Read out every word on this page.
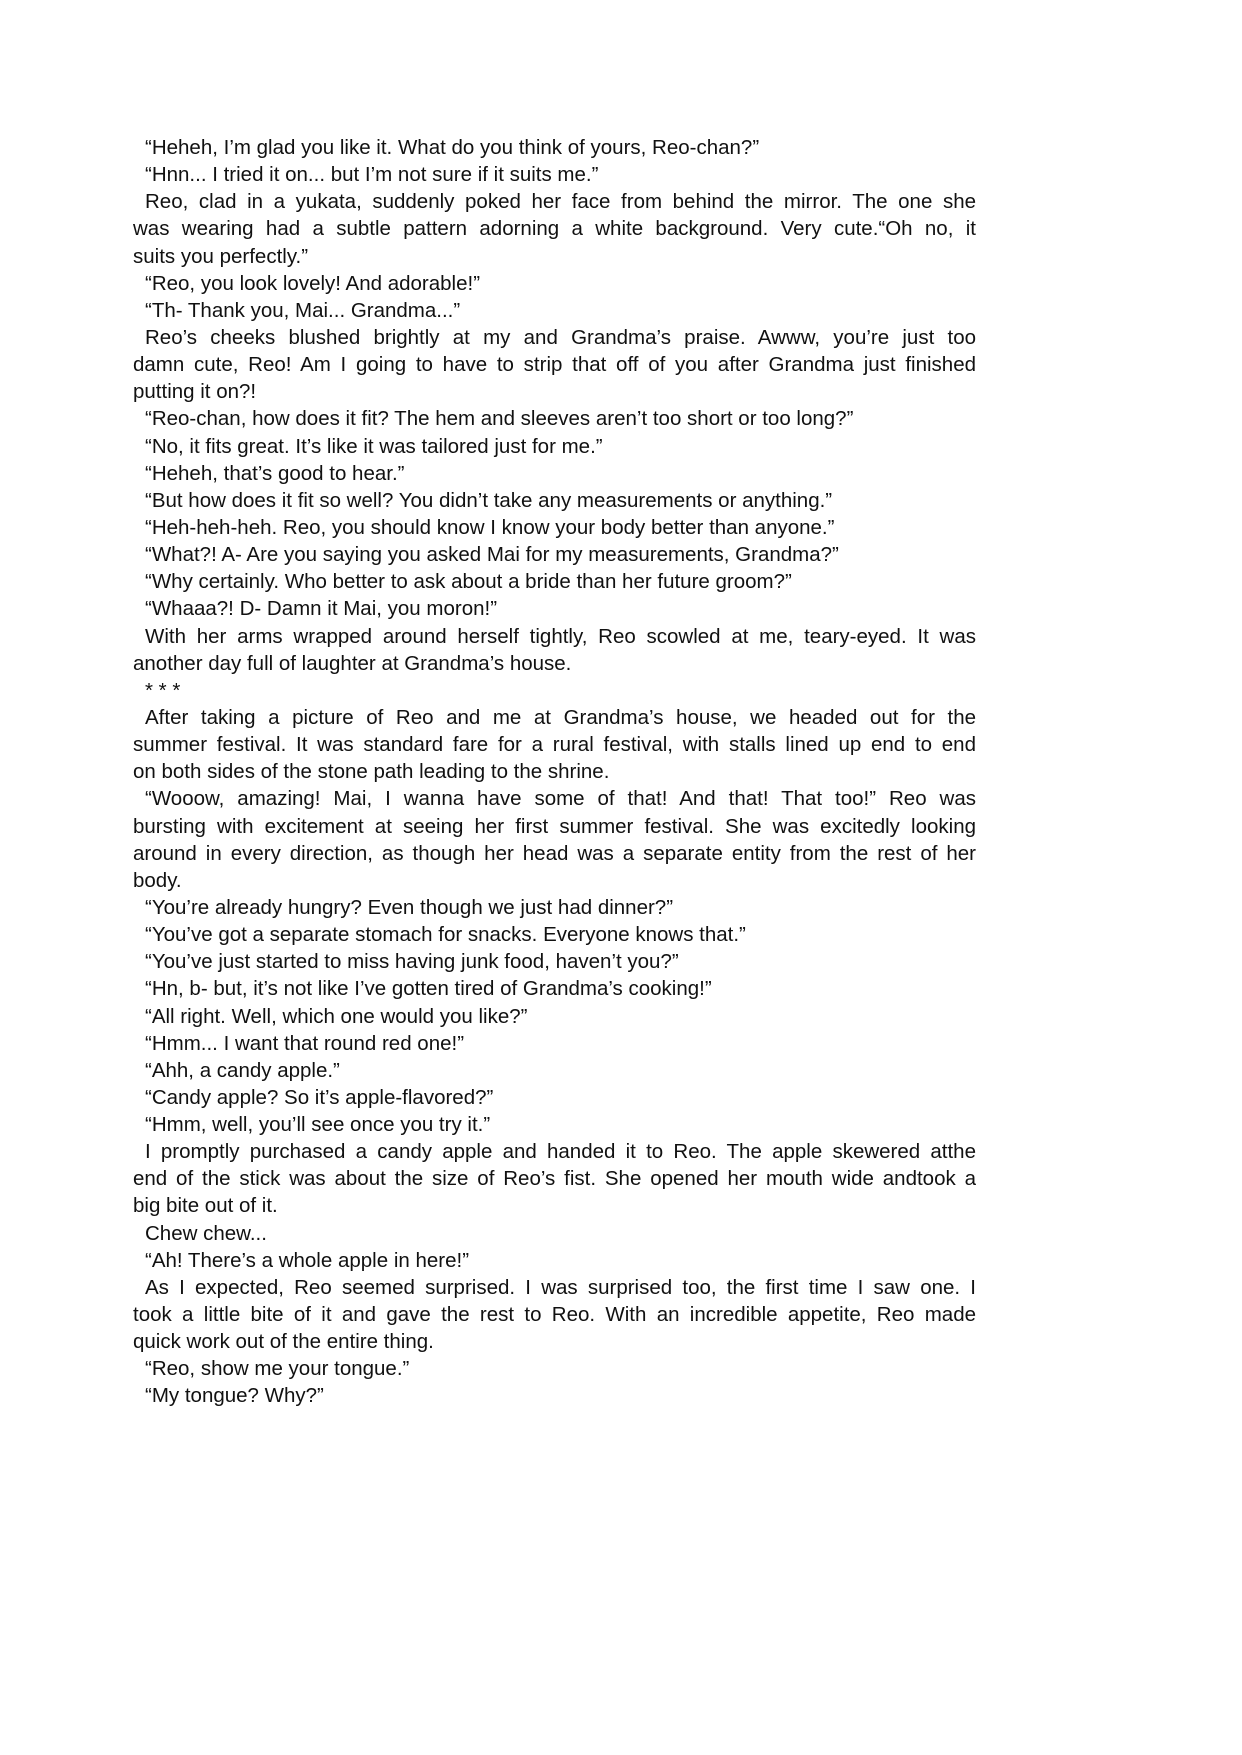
“Heheh, I’m glad you like it. What do you think of yours, Reo-chan?”
“Hnn... I tried it on... but I’m not sure if it suits me.”
Reo, clad in a yukata, suddenly poked her face from behind the mirror. The one she
was wearing had a subtle pattern adorning a white background. Very cute.“Oh no, it
suits you perfectly.”
“Reo, you look lovely! And adorable!”
“Th- Thank you, Mai... Grandma...”
Reo’s cheeks blushed brightly at my and Grandma’s praise. Awww, you’re just too
damn cute, Reo! Am I going to have to strip that off of you after Grandma just finished
putting it on?!
“Reo-chan, how does it fit? The hem and sleeves aren’t too short or too long?”
“No, it fits great. It’s like it was tailored just for me.”
“Heheh, that’s good to hear.”
“But how does it fit so well? You didn’t take any measurements or anything.”
“Heh-heh-heh. Reo, you should know I know your body better than anyone.”
“What?! A- Are you saying you asked Mai for my measurements, Grandma?”
“Why certainly. Who better to ask about a bride than her future groom?”
“Whaaa?! D- Damn it Mai, you moron!”
With her arms wrapped around herself tightly, Reo scowled at me, teary-eyed. It was
another day full of laughter at Grandma’s house.
* * *
After taking a picture of Reo and me at Grandma’s house, we headed out for the
summer festival. It was standard fare for a rural festival, with stalls lined up end to end
on both sides of the stone path leading to the shrine.
“Wooow, amazing! Mai, I wanna have some of that! And that! That too!” Reo was
bursting with excitement at seeing her first summer festival. She was excitedly looking
around in every direction, as though her head was a separate entity from the rest of her
body.
“You’re already hungry? Even though we just had dinner?”
“You’ve got a separate stomach for snacks. Everyone knows that.”
“You’ve just started to miss having junk food, haven’t you?”
“Hn, b- but, it’s not like I’ve gotten tired of Grandma’s cooking!”
“All right. Well, which one would you like?”
“Hmm... I want that round red one!”
“Ahh, a candy apple.”
“Candy apple? So it’s apple-flavored?”
“Hmm, well, you’ll see once you try it.”
I promptly purchased a candy apple and handed it to Reo. The apple skewered atthe
end of the stick was about the size of Reo’s fist. She opened her mouth wide andtook a
big bite out of it.
Chew chew...
“Ah! There’s a whole apple in here!”
As I expected, Reo seemed surprised. I was surprised too, the first time I saw one. I
took a little bite of it and gave the rest to Reo. With an incredible appetite, Reo made
quick work out of the entire thing.
“Reo, show me your tongue.”
“My tongue? Why?”
